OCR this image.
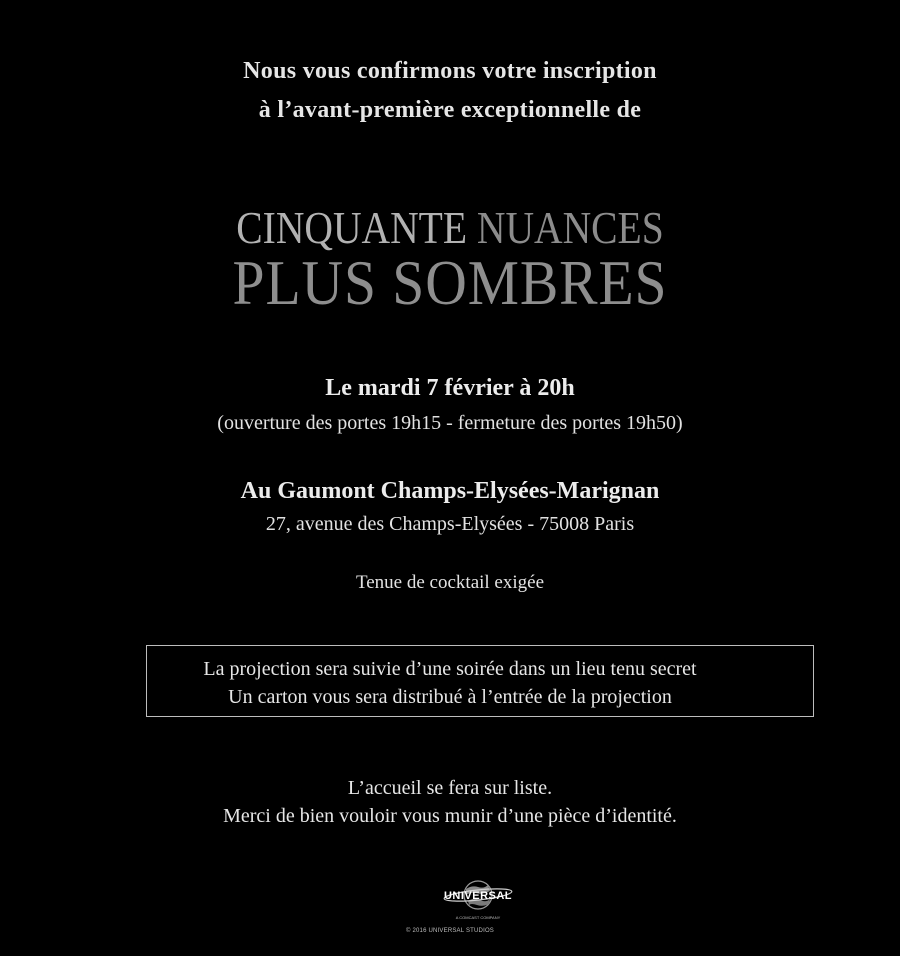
Nous vous confirmons votre inscription
à l’avant-première exceptionnelle de
CINQUANTE NUANCES
PLUS SOMBRES
Le mardi 7 février à 20h
(ouverture des portes 19h15 - fermeture des portes 19h50)
Au Gaumont Champs-Elysées-Marignan
27, avenue des Champs-Elysées - 75008 Paris
Tenue de cocktail exigée
La projection sera suivie d’une soirée dans un lieu tenu secret
Un carton vous sera distribué à l’entrée de la projection
L’accueil se fera sur liste.
Merci de bien vouloir vous munir d’une pièce d’identité.
UNIVERSAL
A COMCAST COMPANY
© 2016 UNIVERSAL STUDIOS
